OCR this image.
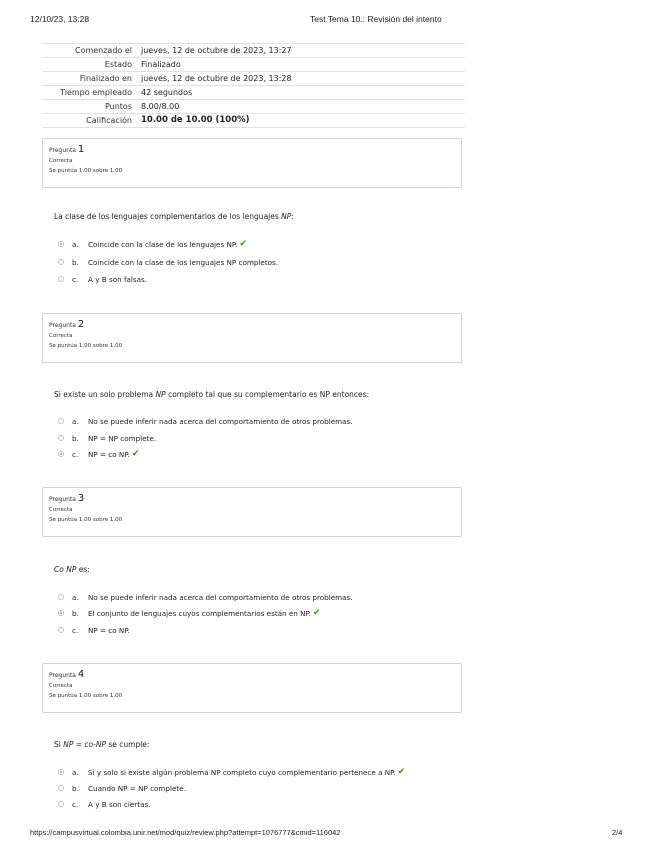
12/10/23, 13:28	Test Tema 10.: Revisión del intento
Comenzado el	jueves, 12 de octubre de 2023, 13:27
Estado	Finalizado
Finalizado en	jueves, 12 de octubre de 2023, 13:28
Tiempo empleado	42 segundos
Puntos	8.00/8.00
Calificación	10.00 de 10.00 (100%)
Pregunta 1
Correcta
Se puntúa 1.00 sobre 1.00
La clase de los lenguajes complementarios de los lenguajes NP:
a.	Coincide con la clase de los lenguajes NP. ✔
b.	Coincide con la clase de los lenguajes NP completos.
c.	A y B son falsas.
Pregunta 2
Correcta
Se puntúa 1.00 sobre 1.00
Si existe un solo problema NP completo tal que su complementario es NP entonces:
a.	No se puede inferir nada acerca del comportamiento de otros problemas.
b.	NP = NP complete.
c.	NP = co NP. ✔
Pregunta 3
Correcta
Se puntúa 1.00 sobre 1.00
Co NP es:
a.	No se puede inferir nada acerca del comportamiento de otros problemas.
b.	El conjunto de lenguajes cuyos complementarios están en NP. ✔
c.	NP = co NP.
Pregunta 4
Correcta
Se puntúa 1.00 sobre 1.00
Si NP = co-NP se cumple:
a.	Si y solo si existe algún problema NP completo cuyo complementario pertenece a NP. ✔
b.	Cuando NP = NP complete.
c.	A y B son ciertas.
https://campusvirtual.colombia.unir.net/mod/quiz/review.php?attempt=1076777&cmid=116042	2/4
